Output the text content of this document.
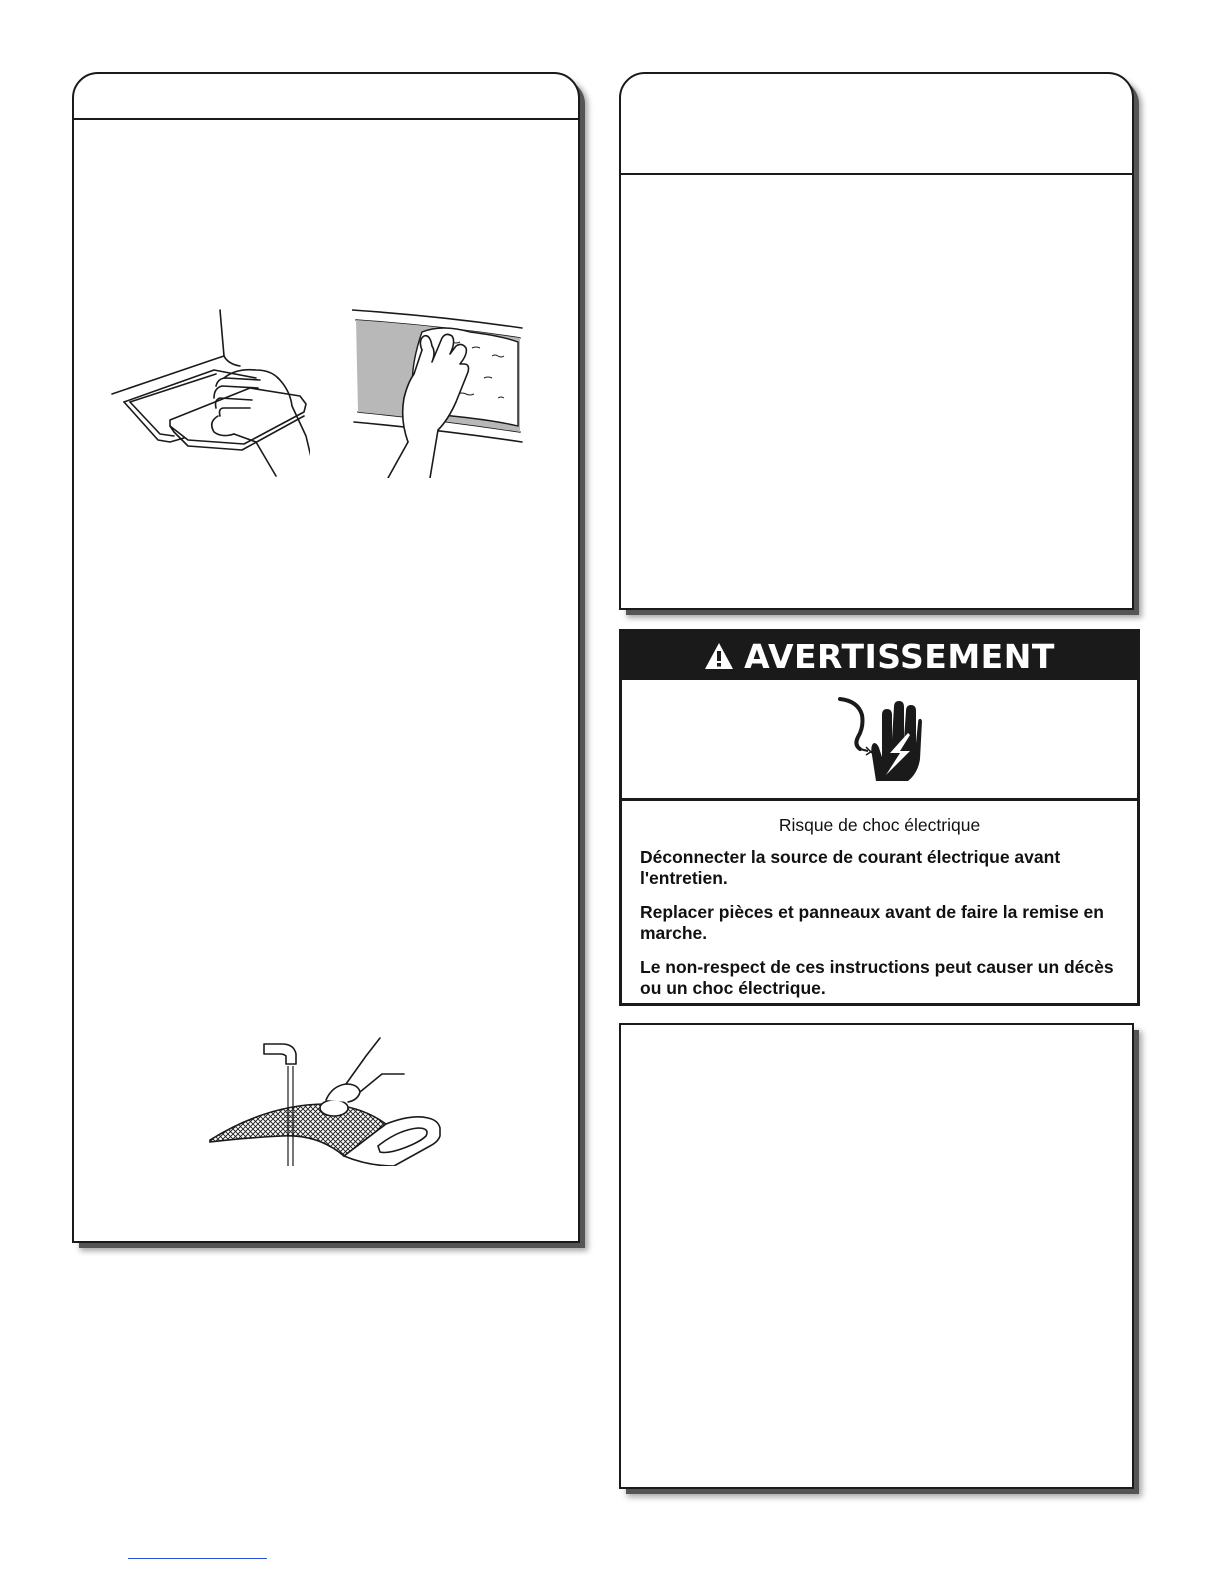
AVERTISSEMENT
Risque de choc électrique

Déconnecter la source de courant électrique avant l'entretien.

Replacer pièces et panneaux avant de faire la remise en marche.

Le non-respect de ces instructions peut causer un décès ou un choc électrique.
